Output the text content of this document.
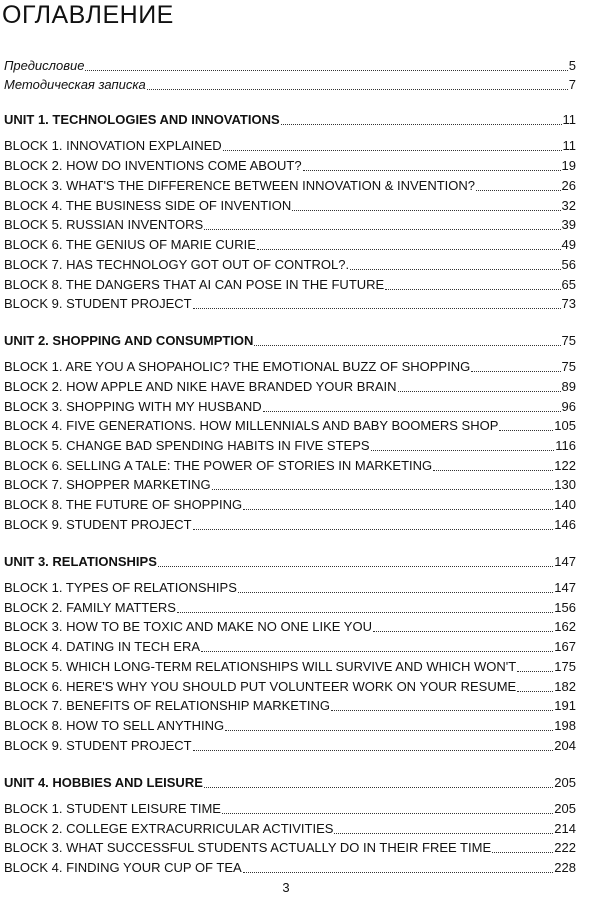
ОГЛАВЛЕНИЕ
Предисловие	5
Методическая записка	7
UNIT 1. TECHNOLOGIES AND INNOVATIONS	11
BLOCK 1. INNOVATION EXPLAINED	11
BLOCK 2. HOW DO INVENTIONS COME ABOUT?	19
BLOCK 3. WHAT'S THE DIFFERENCE BETWEEN INNOVATION & INVENTION?	26
BLOCK 4. THE BUSINESS SIDE OF INVENTION	32
BLOCK 5. RUSSIAN INVENTORS	39
BLOCK 6. THE GENIUS OF MARIE CURIE	49
BLOCK 7. HAS TECHNOLOGY GOT OUT OF CONTROL?.	56
BLOCK 8. THE DANGERS THAT AI CAN POSE IN THE FUTURE	65
BLOCK 9. STUDENT PROJECT	73
UNIT 2. SHOPPING AND CONSUMPTION	75
BLOCK 1. ARE YOU A SHOPAHOLIC? THE EMOTIONAL BUZZ OF SHOPPING	75
BLOCK 2. HOW APPLE AND NIKE HAVE BRANDED YOUR BRAIN	89
BLOCK 3. SHOPPING WITH MY HUSBAND	96
BLOCK 4. FIVE GENERATIONS. HOW MILLENNIALS AND BABY BOOMERS SHOP	105
BLOCK 5. CHANGE BAD SPENDING HABITS IN FIVE STEPS	116
BLOCK 6. SELLING A TALE: THE POWER OF STORIES IN MARKETING	122
BLOCK 7. SHOPPER MARKETING	130
BLOCK 8. THE FUTURE OF SHOPPING	140
BLOCK 9. STUDENT PROJECT	146
UNIT 3. RELATIONSHIPS	147
BLOCK 1. TYPES OF RELATIONSHIPS	147
BLOCK 2. FAMILY MATTERS	156
BLOCK 3. HOW TO BE TOXIC AND MAKE NO ONE LIKE YOU	162
BLOCK 4. DATING IN TECH ERA	167
BLOCK 5. WHICH LONG-TERM RELATIONSHIPS WILL SURVIVE AND WHICH WON'T	175
BLOCK 6. HERE'S WHY YOU SHOULD PUT VOLUNTEER WORK ON YOUR RESUME	182
BLOCK 7. BENEFITS OF RELATIONSHIP MARKETING	191
BLOCK 8. HOW TO SELL ANYTHING	198
BLOCK 9. STUDENT PROJECT	204
UNIT 4. HOBBIES AND LEISURE	205
BLOCK 1. STUDENT LEISURE TIME	205
BLOCK 2. COLLEGE EXTRACURRICULAR ACTIVITIES	214
BLOCK 3. WHAT SUCCESSFUL STUDENTS ACTUALLY DO IN THEIR FREE TIME	222
BLOCK 4. FINDING YOUR CUP OF TEA	228
3
